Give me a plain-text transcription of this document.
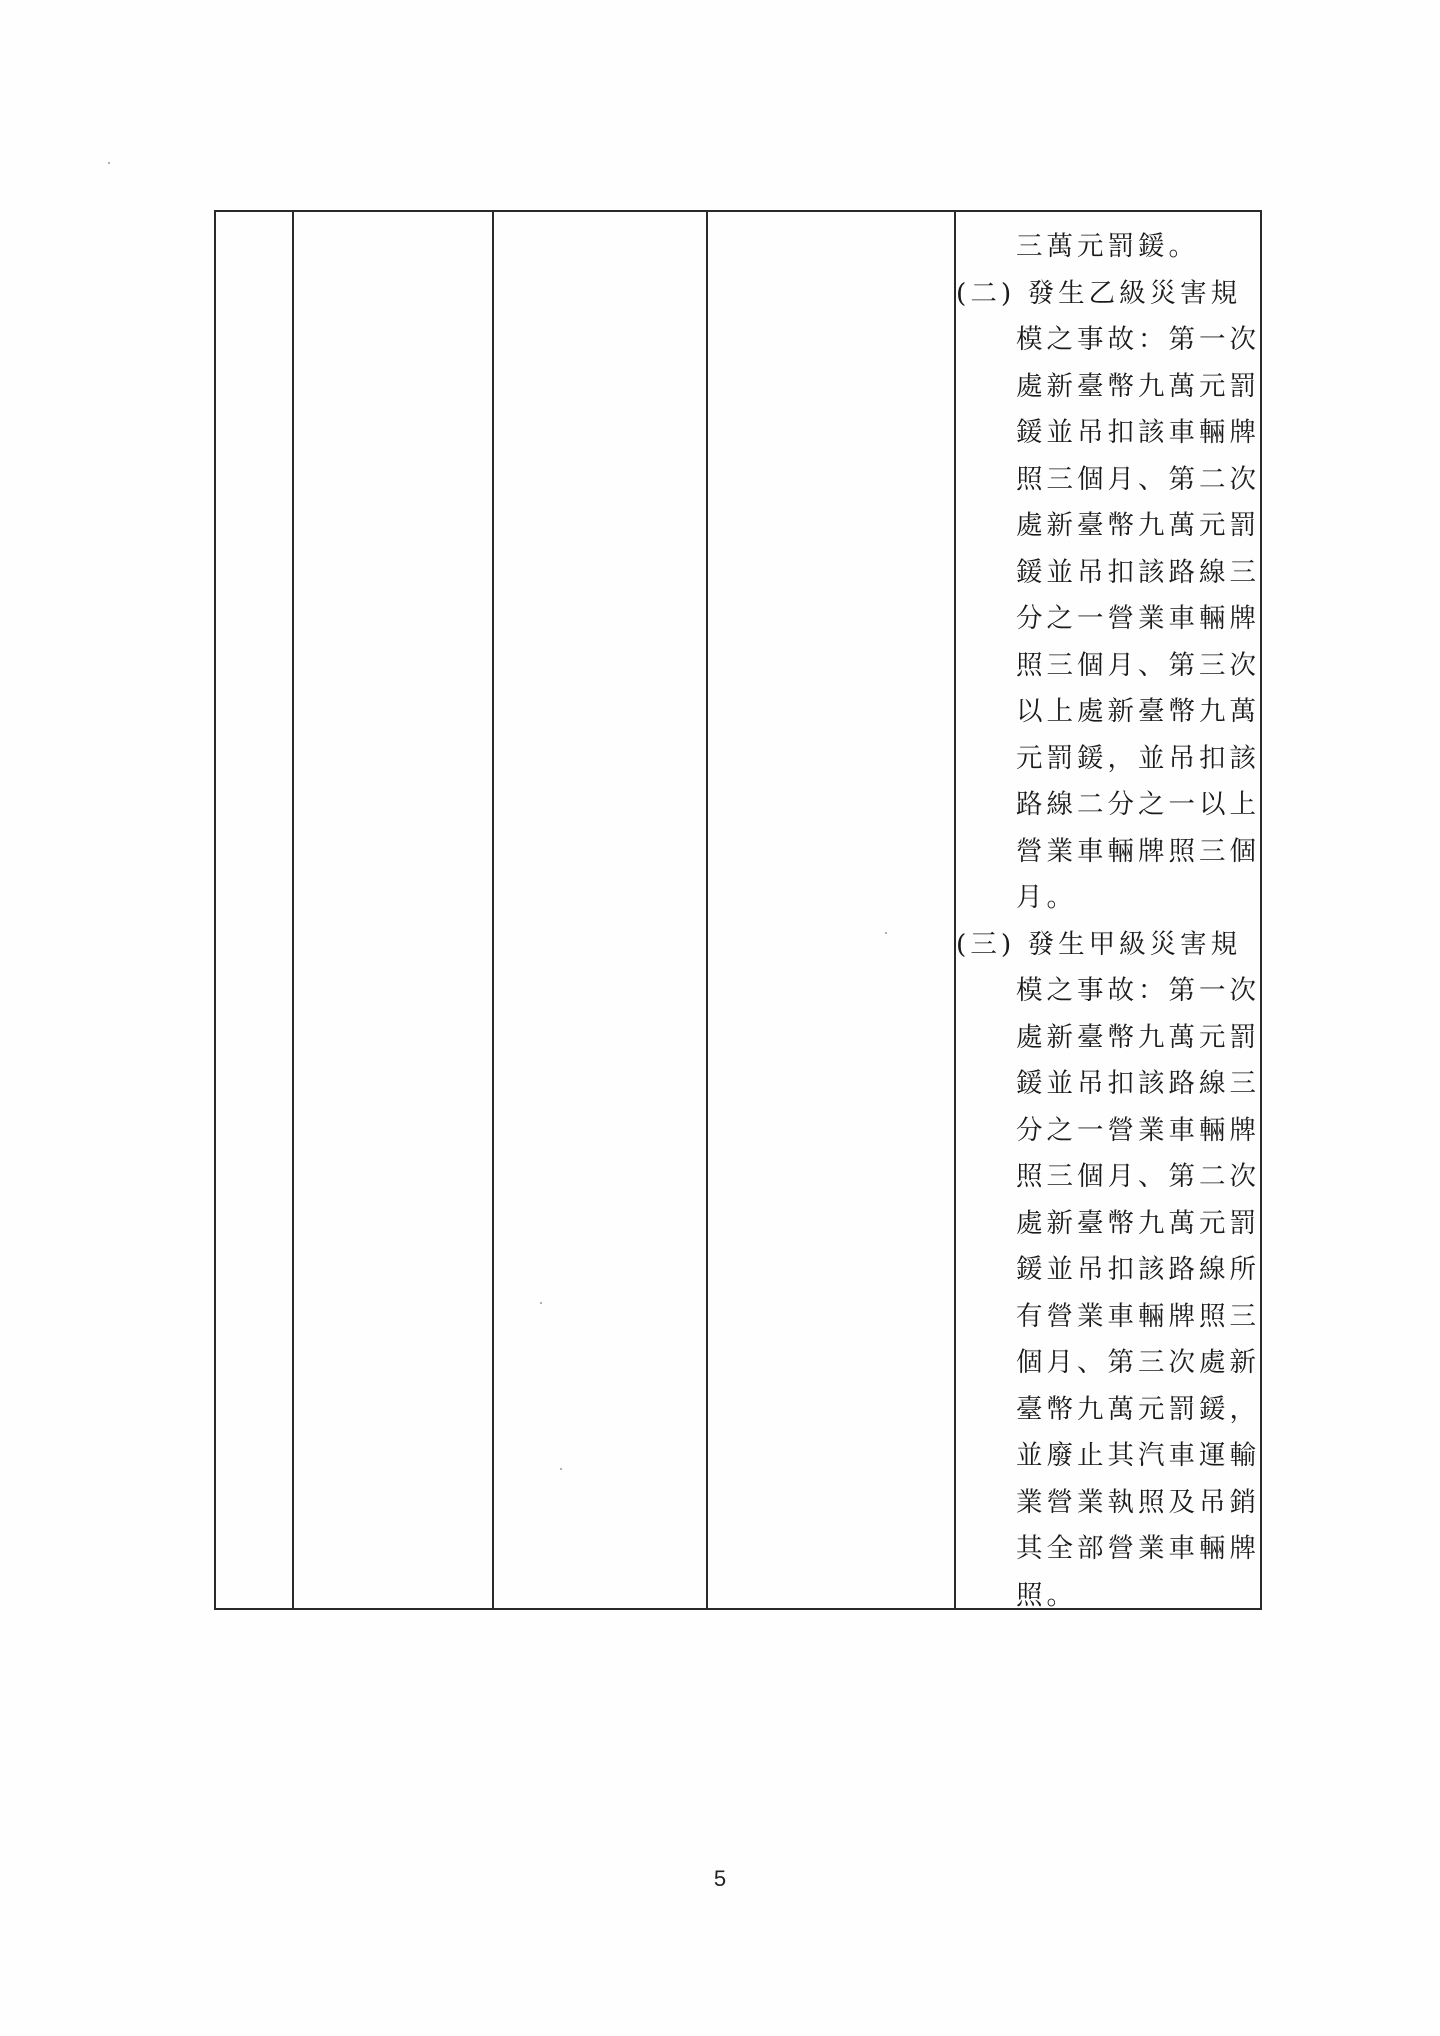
三萬元罰鍰。
(二) 發生乙級災害規
模之事故：第一次
處新臺幣九萬元罰
鍰並吊扣該車輛牌
照三個月、第二次
處新臺幣九萬元罰
鍰並吊扣該路線三
分之一營業車輛牌
照三個月、第三次
以上處新臺幣九萬
元罰鍰，並吊扣該
路線二分之一以上
營業車輛牌照三個
月。
(三) 發生甲級災害規
模之事故：第一次
處新臺幣九萬元罰
鍰並吊扣該路線三
分之一營業車輛牌
照三個月、第二次
處新臺幣九萬元罰
鍰並吊扣該路線所
有營業車輛牌照三
個月、第三次處新
臺幣九萬元罰鍰，
並廢止其汽車運輸
業營業執照及吊銷
其全部營業車輛牌
照。
5
